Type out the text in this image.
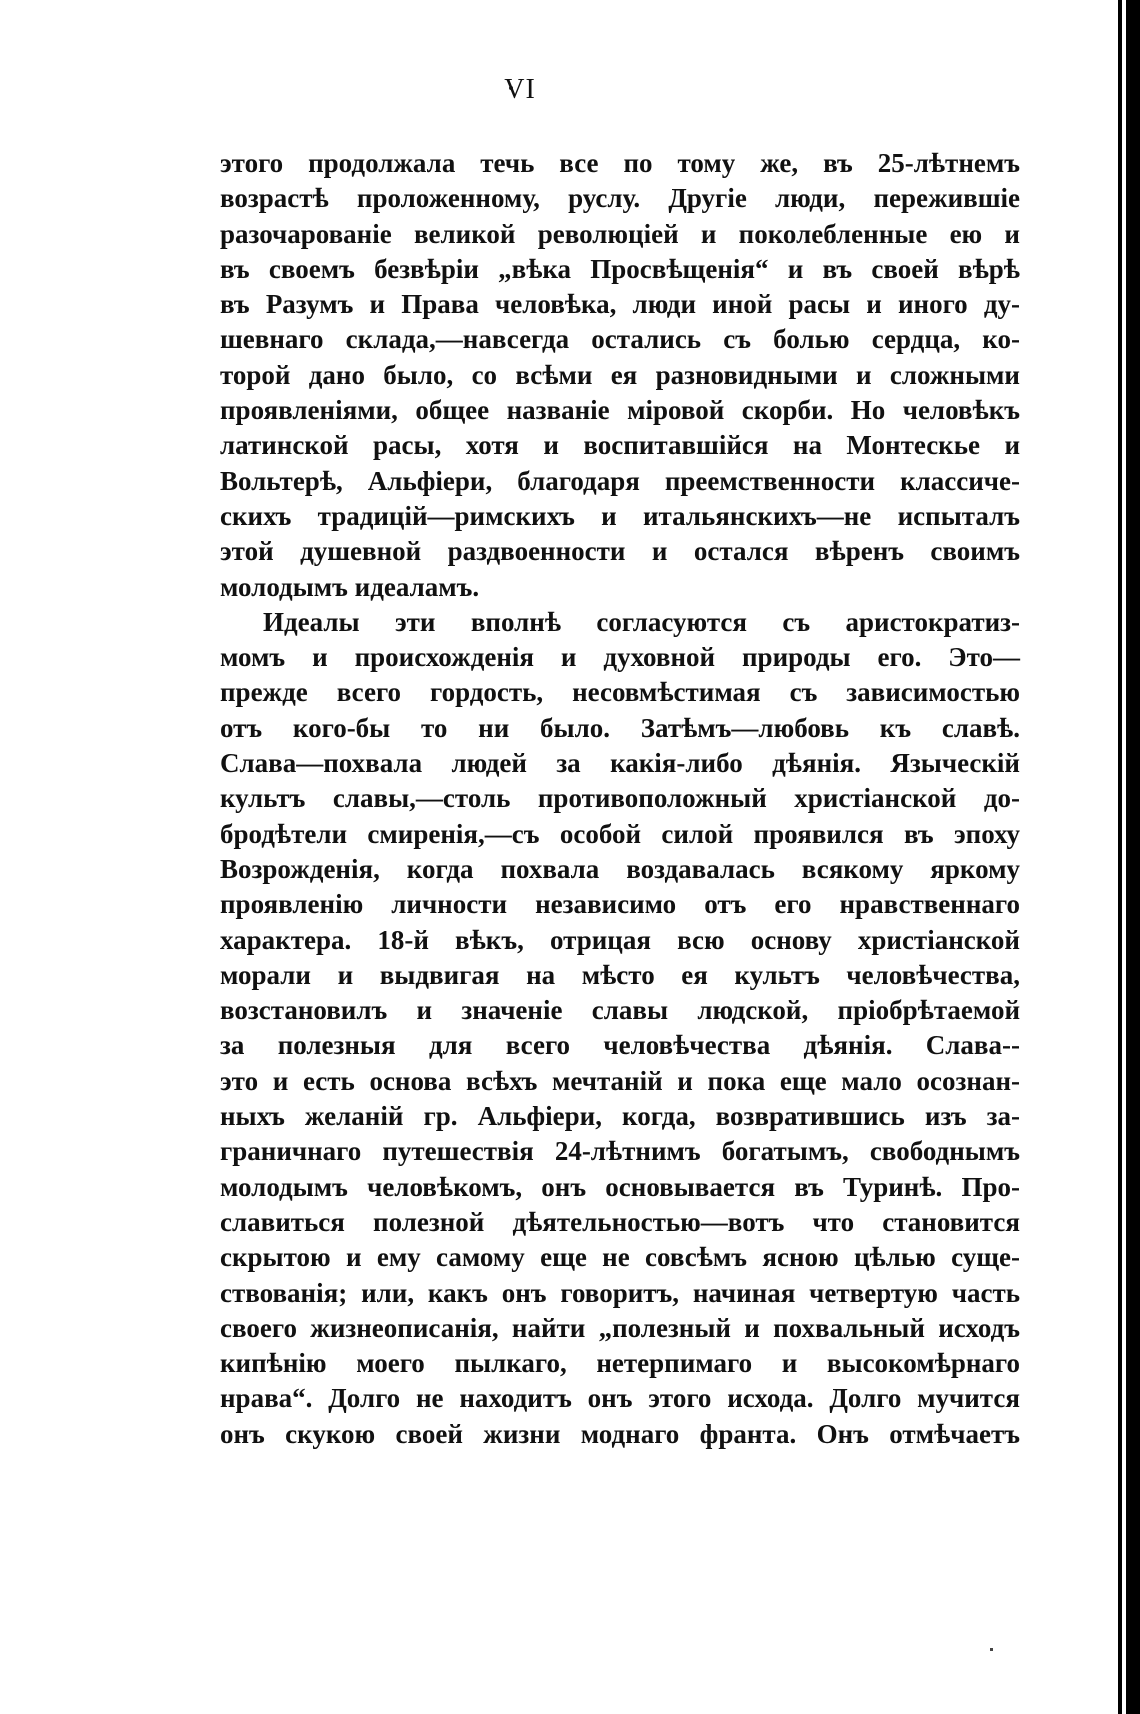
VI
этого продолжала течь все по тому же, въ 25-лѣтнемъ
возрастѣ проложенному, руслу. Другіе люди, пережившіе
разочарованіе великой революціей и поколебленные ею и
въ своемъ безвѣріи „вѣка Просвѣщенія“ и въ своей вѣрѣ
въ Разумъ и Права человѣка, люди иной расы и иного ду-
шевнаго склада,—навсегда остались съ болью сердца, ко-
торой дано было, со всѣми ея разновидными и сложными
проявленіями, общее названіе міровой скорби. Но человѣкъ
латинской расы, хотя и воспитавшійся на Монтескье и
Вольтерѣ, Альфіери, благодаря преемственности классиче-
скихъ традицій—римскихъ и итальянскихъ—не испыталъ
этой душевной раздвоенности и остался вѣренъ своимъ
молодымъ идеаламъ.
Идеалы эти вполнѣ согласуются съ аристократиз-
момъ и происхожденія и духовной природы его. Это—
прежде всего гордость, несовмѣстимая съ зависимостью
отъ кого-бы то ни было. Затѣмъ—любовь къ славѣ.
Слава—похвала людей за какія-либо дѣянія. Языческій
культъ славы,—столь противоположный христіанской до-
бродѣтели смиренія,—съ особой силой проявился въ эпоху
Возрожденія, когда похвала воздавалась всякому яркому
проявленію личности независимо отъ его нравственнаго
характера. 18-й вѣкъ, отрицая всю основу христіанской
морали и выдвигая на мѣсто ея культъ человѣчества,
возстановилъ и значеніе славы людской, пріобрѣтаемой
за полезныя для всего человѣчества дѣянія. Слава--
это и есть основа всѣхъ мечтаній и пока еще мало осознан-
ныхъ желаній гр. Альфіери, когда, возвратившись изъ за-
граничнаго путешествія 24-лѣтнимъ богатымъ, свободнымъ
молодымъ человѣкомъ, онъ основывается въ Туринѣ. Про-
славиться полезной дѣятельностью—вотъ что становится
скрытою и ему самому еще не совсѣмъ ясною цѣлью суще-
ствованія; или, какъ онъ говоритъ, начиная четвертую часть
своего жизнеописанія, найти „полезный и похвальный исходъ
кипѣнію моего пылкаго, нетерпимаго и высокомѣрнаго
нрава“. Долго не находитъ онъ этого исхода. Долго мучится
онъ скукою своей жизни моднаго франта. Онъ отмѣчаетъ
